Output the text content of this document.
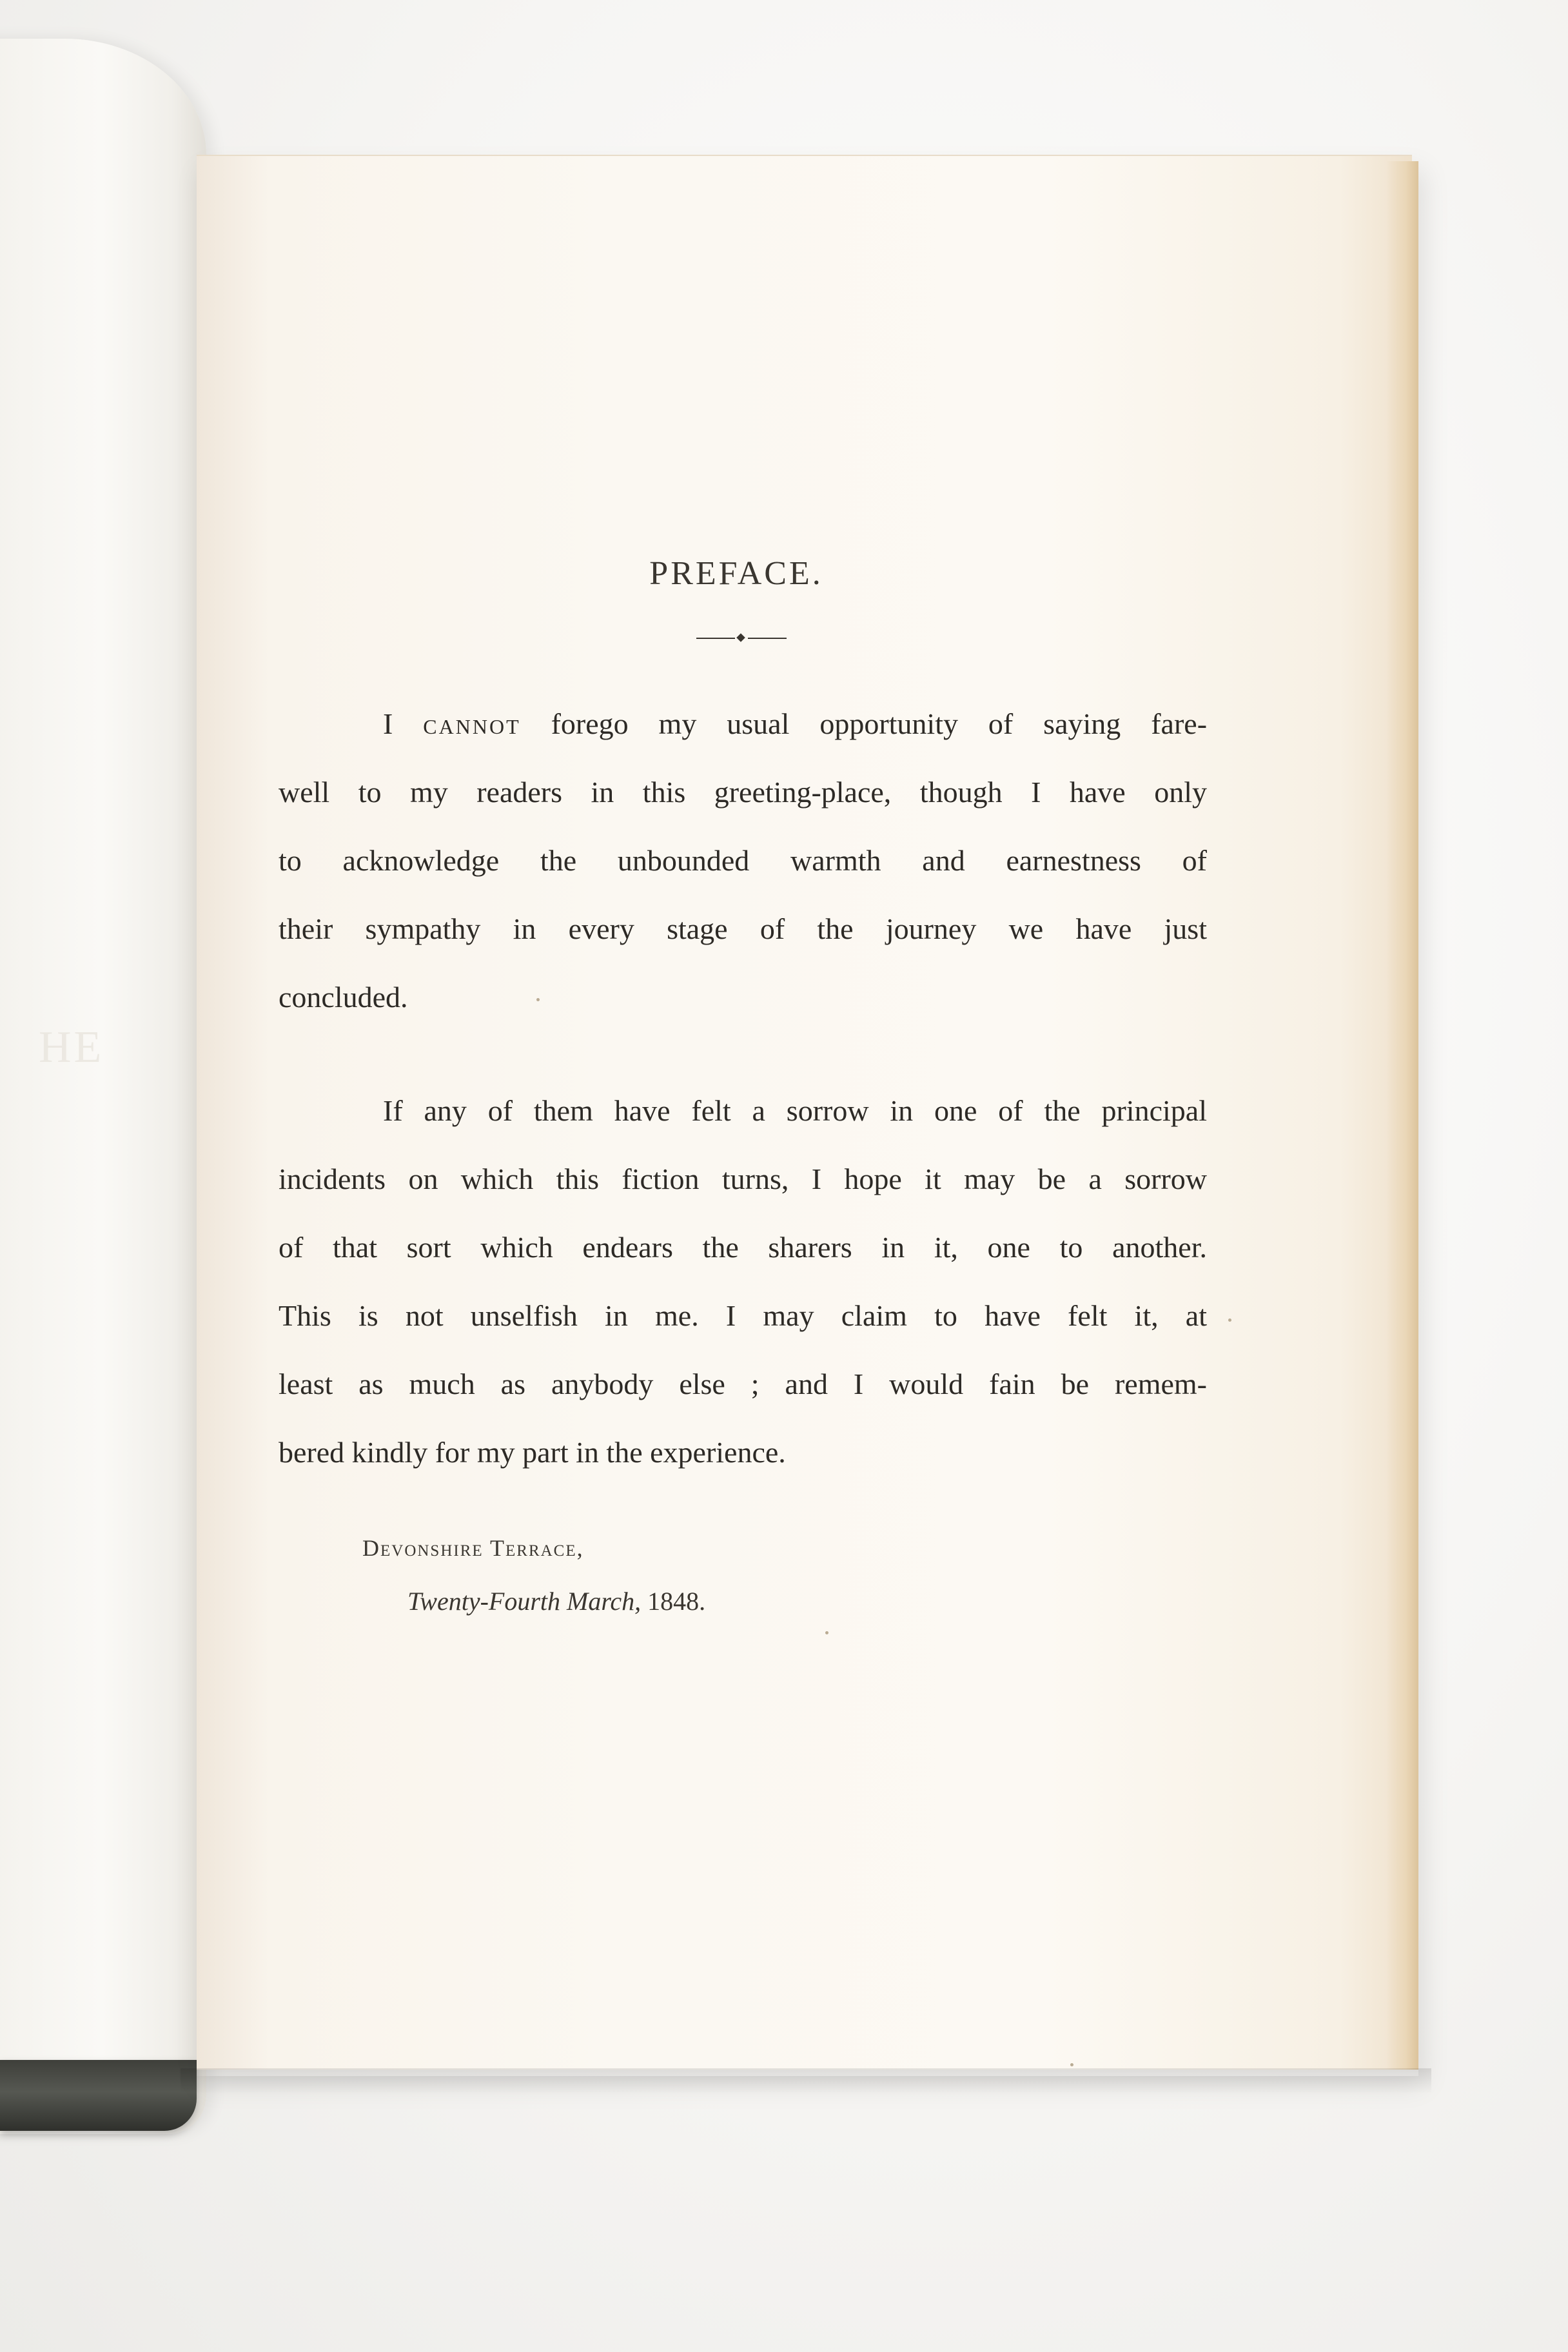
HE
PREFACE.
I cannot forego my usual opportunity of saying fare-
well to my readers in this greeting-place, though I have only
to acknowledge the unbounded warmth and earnestness of
their sympathy in every stage of the journey we have just
concluded.
If any of them have felt a sorrow in one of the principal
incidents on which this fiction turns, I hope it may be a sorrow
of that sort which endears the sharers in it, one to another.
This is not unselfish in me. I may claim to have felt it, at
least as much as anybody else ; and I would fain be remem-
bered kindly for my part in the experience.
Devonshire Terrace,
Twenty-Fourth March, 1848.
